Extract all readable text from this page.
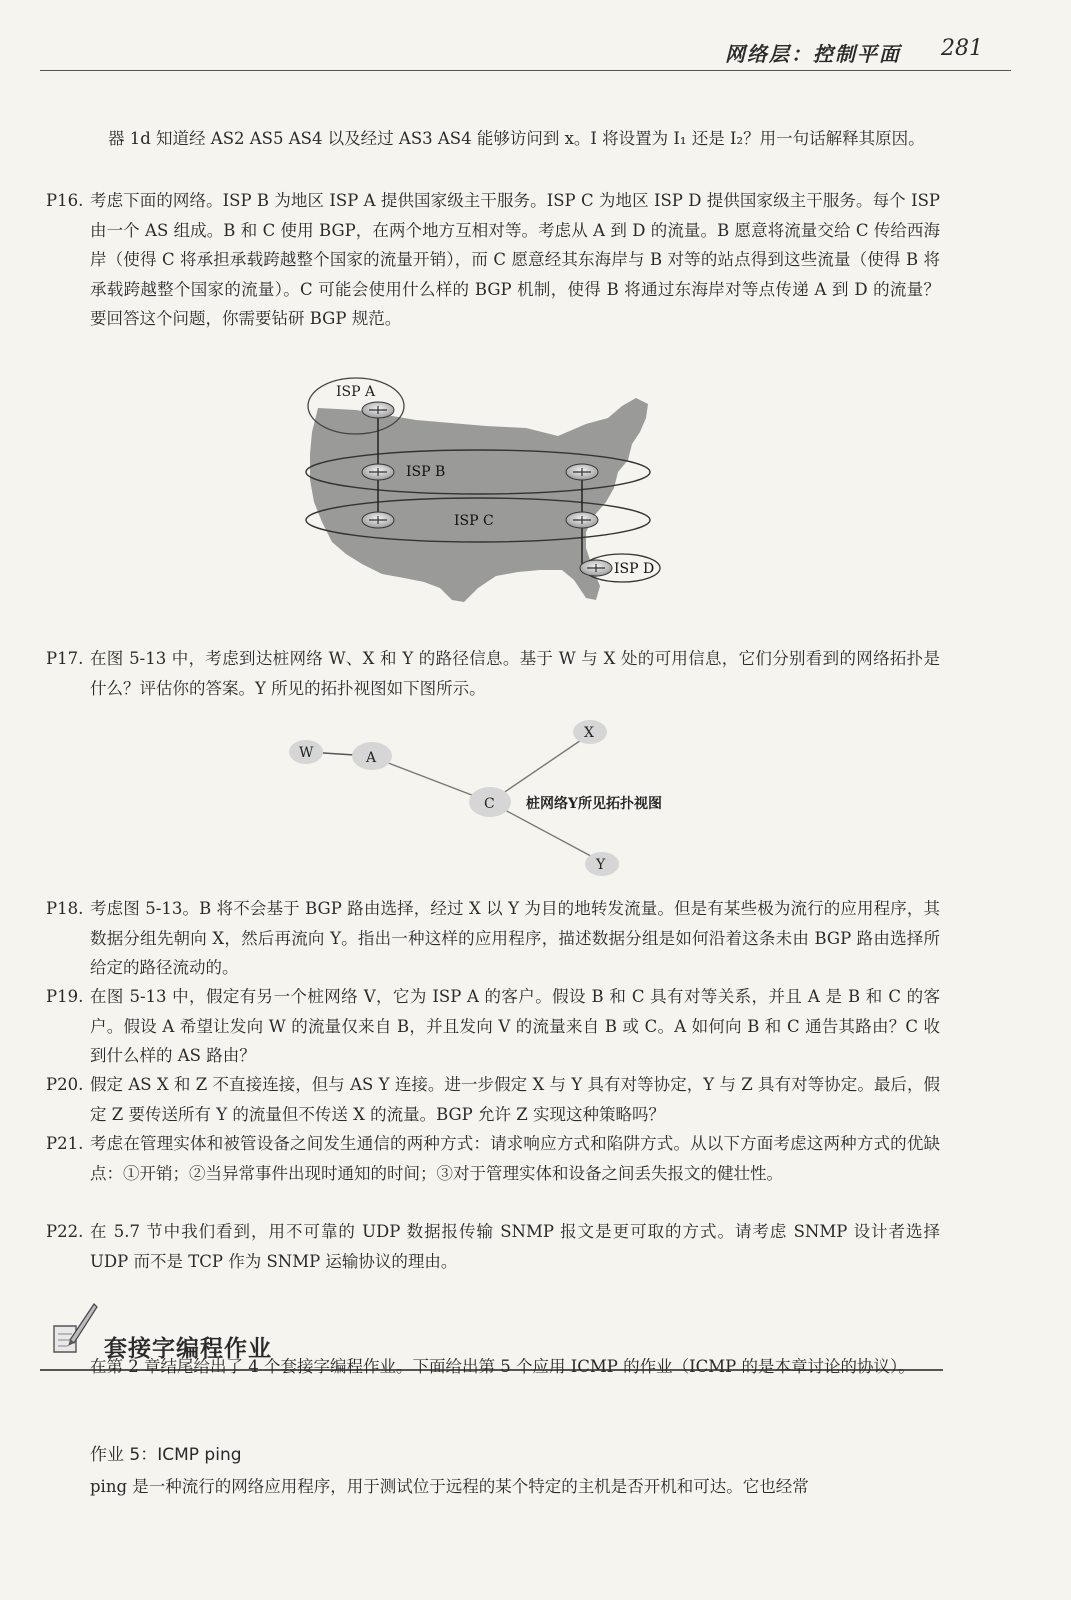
网络层：控制平面 281
器 1d 知道经 AS2 AS5 AS4 以及经过 AS3 AS4 能够访问到 x。I 将设置为 I₁ 还是 I₂？用一句话解释其原因。
P16. 考虑下面的网络。ISP B 为地区 ISP A 提供国家级主干服务。ISP C 为地区 ISP D 提供国家级主干服务。每个 ISP 由一个 AS 组成。B 和 C 使用 BGP，在两个地方互相对等。考虑从 A 到 D 的流量。B 愿意将流量交给 C 传给西海岸（使得 C 将承担承载跨越整个国家的流量开销），而 C 愿意经其东海岸与 B 对等的站点得到这些流量（使得 B 将承载跨越整个国家的流量）。C 可能会使用什么样的 BGP 机制，使得 B 将通过东海岸对等点传递 A 到 D 的流量？要回答这个问题，你需要钻研 BGP 规范。
ISP A
ISP B
ISP C
ISP D
P17. 在图 5-13 中，考虑到达桩网络 W、X 和 Y 的路径信息。基于 W 与 X 处的可用信息，它们分别看到的网络拓扑是什么？评估你的答案。Y 所见的拓扑视图如下图所示。
W	A
C
X
Y
桩网络Y所见拓扑视图
P18. 考虑图 5-13。B 将不会基于 BGP 路由选择，经过 X 以 Y 为目的地转发流量。但是有某些极为流行的应用程序，其数据分组先朝向 X，然后再流向 Y。指出一种这样的应用程序，描述数据分组是如何沿着这条未由 BGP 路由选择所给定的路径流动的。
P19. 在图 5-13 中，假定有另一个桩网络 V，它为 ISP A 的客户。假设 B 和 C 具有对等关系，并且 A 是 B 和 C 的客户。假设 A 希望让发向 W 的流量仅来自 B，并且发向 V 的流量来自 B 或 C。A 如何向 B 和 C 通告其路由？C 收到什么样的 AS 路由？
P20. 假定 AS X 和 Z 不直接连接，但与 AS Y 连接。进一步假定 X 与 Y 具有对等协定，Y 与 Z 具有对等协定。最后，假定 Z 要传送所有 Y 的流量但不传送 X 的流量。BGP 允许 Z 实现这种策略吗？
P21. 考虑在管理实体和被管设备之间发生通信的两种方式：请求响应方式和陷阱方式。从以下方面考虑这两种方式的优缺点：①开销；②当异常事件出现时通知的时间；③对于管理实体和设备之间丢失报文的健壮性。
P22. 在 5.7 节中我们看到，用不可靠的 UDP 数据报传输 SNMP 报文是更可取的方式。请考虑 SNMP 设计者选择 UDP 而不是 TCP 作为 SNMP 运输协议的理由。
套接字编程作业
在第 2 章结尾给出了 4 个套接字编程作业。下面给出第 5 个应用 ICMP 的作业（ICMP 的是本章讨论的协议）。
作业 5：ICMP ping
ping 是一种流行的网络应用程序，用于测试位于远程的某个特定的主机是否开机和可达。它也经常
